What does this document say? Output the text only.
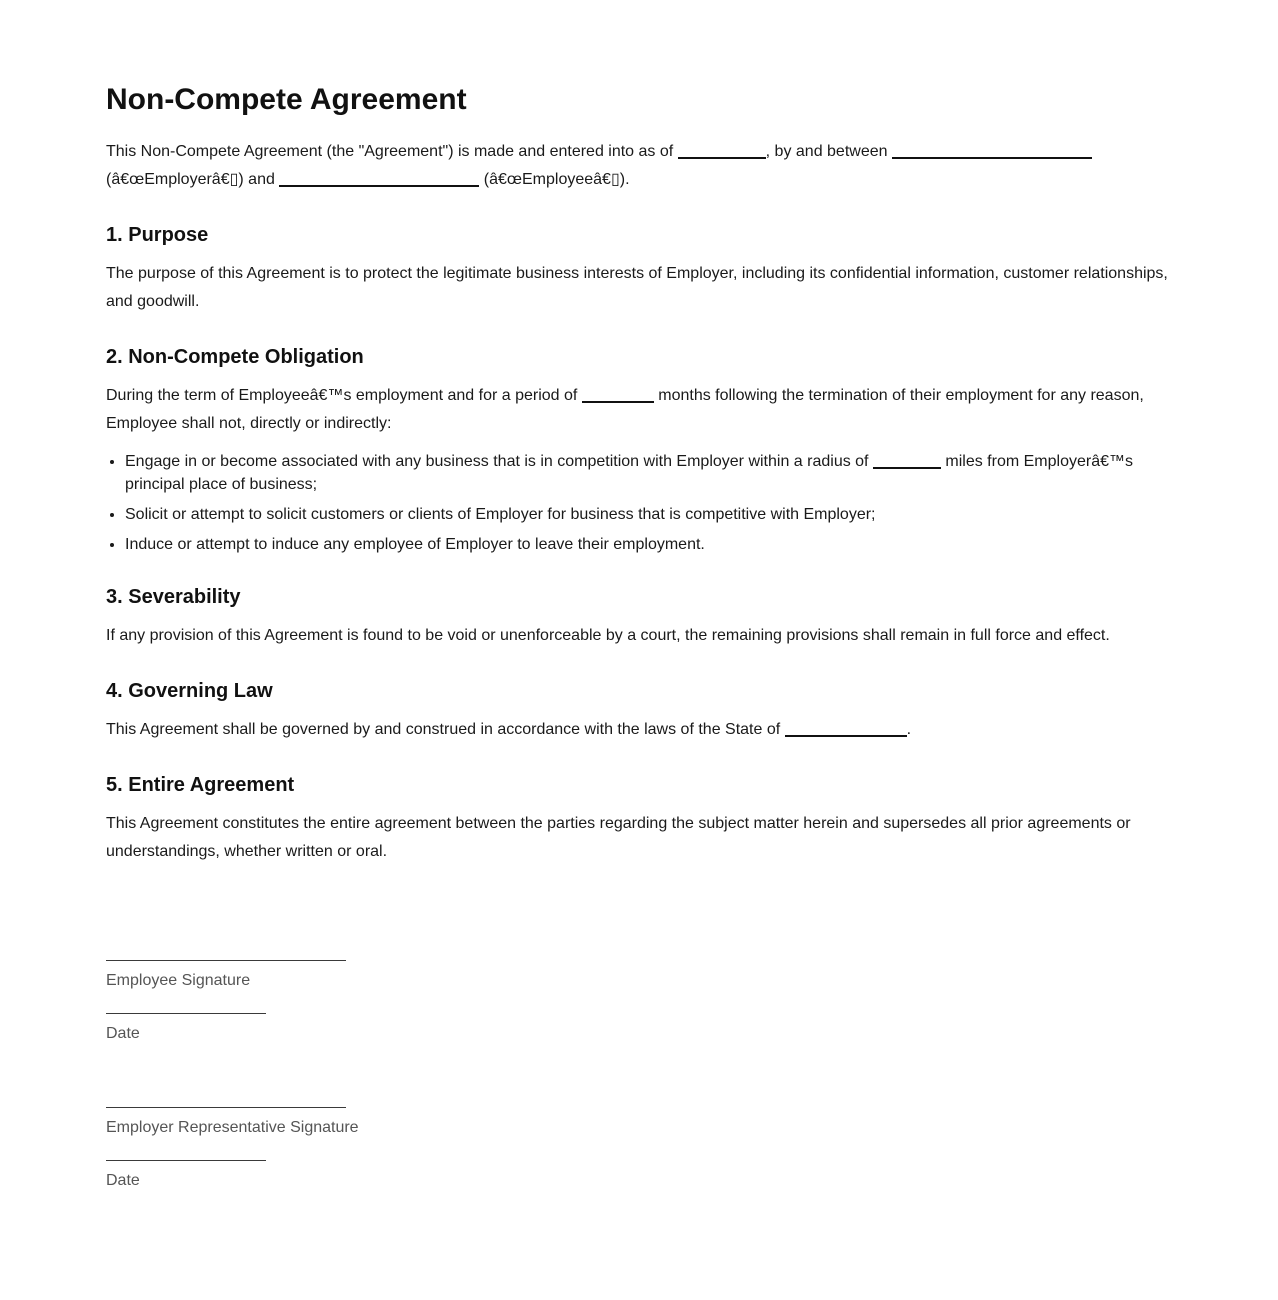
Non-Compete Agreement

This Non-Compete Agreement (the "Agreement") is made and entered into as of	, by and between  (â€œEmployerâ€▯) and	(â€œEmployeeâ€▯).

1. Purpose

The purpose of this Agreement is to protect the legitimate business interests of Employer, including its confidential information, customer relationships, and goodwill.

2. Non-Compete Obligation

During the term of Employeeâ€™s employment and for a period of	months following the termination of their employment for any reason, Employee shall not, directly or indirectly:

• Engage in or become associated with any business that is in competition with Employer within a radius of	miles from Employerâ€™s principal place of business;
• Solicit or attempt to solicit customers or clients of Employer for business that is competitive with Employer;
• Induce or attempt to induce any employee of Employer to leave their employment.
3. Severability

If any provision of this Agreement is found to be void or unenforceable by a court, the remaining provisions shall remain in full force and effect.

4. Governing Law

This Agreement shall be governed by and construed in accordance with the laws of the State of	.

5. Entire Agreement

This Agreement constitutes the entire agreement between the parties regarding the subject matter herein and supersedes all prior agreements or understandings, whether written or oral.

Employee Signature
Date
Employer Representative Signature
Date
